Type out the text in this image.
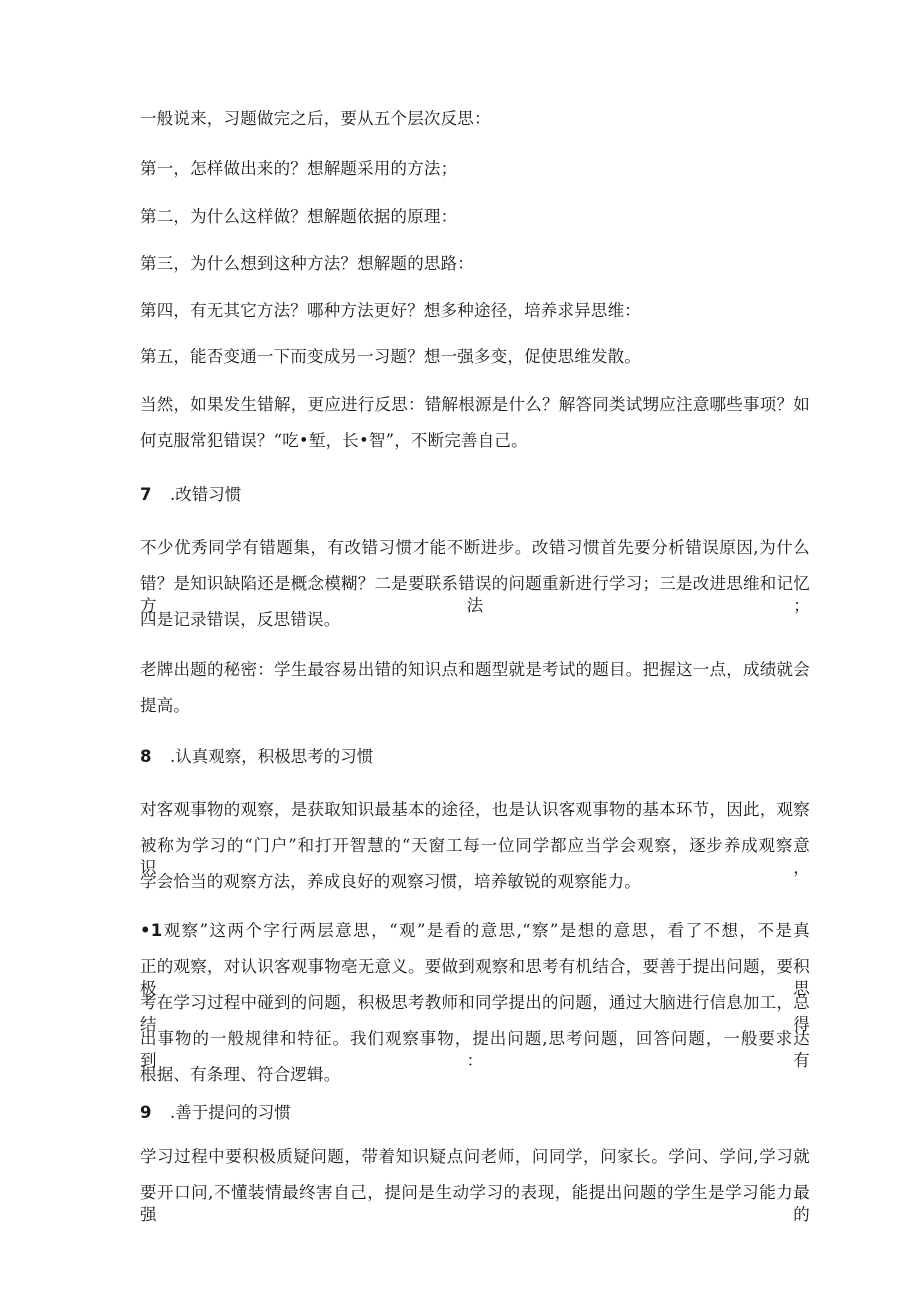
一般说来，习题做完之后，要从五个层次反思：
第一，怎样做出来的？想解题采用的方法；
第二，为什么这样做？想解题依据的原理：
第三，为什么想到这种方法？想解题的思路：
第四，有无其它方法？哪种方法更好？想多种途径，培养求异思维：
第五，能否变通一下而变成另一习题？想一强多变，促使思维发散。
当然，如果发生错解，更应进行反思：错解根源是什么？解答同类试甥应注意哪些事项？如
何克服常犯错误？“吃•堑，长•智”，不断完善自己。
7 .改错习惯
不少优秀同学有错题集，有改错习惯才能不断进步。改错习惯首先要分析错误原因,为什么
错？是知识缺陷还是概念模糊？二是要联系错误的问题重新进行学习；三是改进思维和记忆方法；
四是记录错误，反思错误。
老牌出题的秘密：学生最容易出错的知识点和题型就是考试的题目。把握这一点，成绩就会
提高。
8 .认真观察，积极思考的习惯
对客观事物的观察，是获取知识最基本的途径，也是认识客观事物的基本环节，因此，观察
被称为学习的“门户”和打开智慧的“天窗工每一位同学都应当学会观察，逐步养成观察意识，
学会恰当的观察方法，养成良好的观察习惯，培养敏锐的观察能力。
•1观察”这两个字行两层意思，“观”是看的意思,“察”是想的意思，看了不想，不是真
正的观察，对认识客观事物亳无意义。要做到观察和思考有机结合，要善于提出问题，要积极思
考在学习过程中碰到的问题，积极思考教师和同学提出的问题，通过大脑进行信息加工，总结得
出事物的一般规律和特征。我们观察事物，提出问题,思考问题，回答问题，一般要求达到：有
根据、有条理、符合逻辑。
9 .善于提问的习惯
学习过程中要积极质疑问题，带着知识疑点问老师，问同学，问家长。学问、学问,学习就
要开口问,不懂装情最终害自己，提问是生动学习的表现，能提出问题的学生是学习能力最强的
